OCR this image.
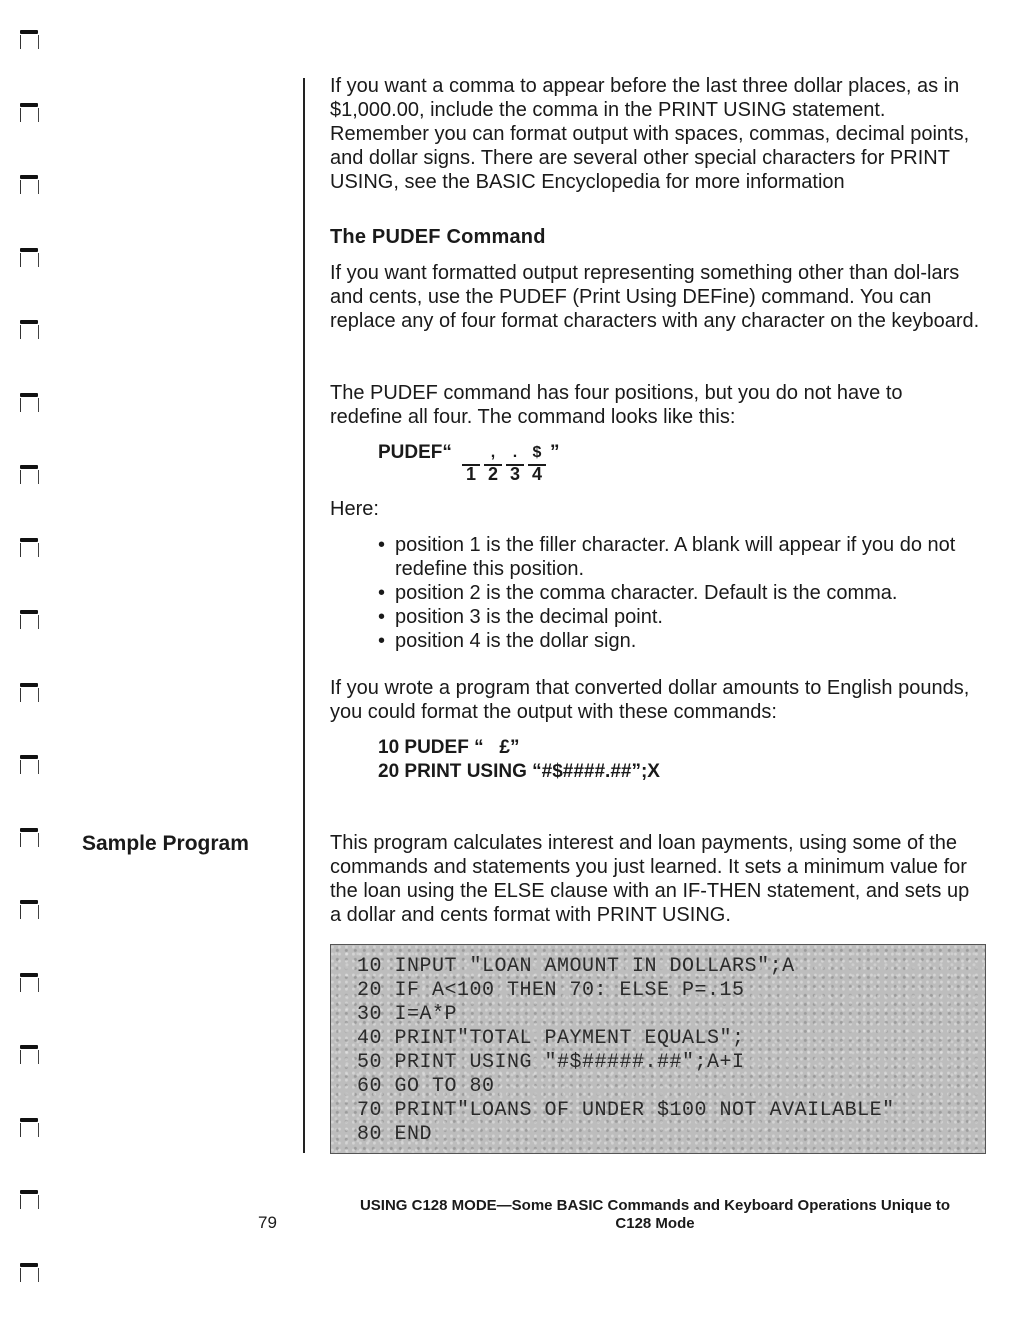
If you want a comma to appear before the last three dollar places, as in $1,000.00, include the comma in the PRINT USING statement. Remember you can format output with spaces, commas, decimal points, and dollar signs. There are several other special characters for PRINT USING, see the BASIC Encyclopedia for more information

The PUDEF Command

If you want formatted output representing something other than dol-lars and cents, use the PUDEF (Print Using DEFine) command. You can replace any of four format characters with any character on the keyboard.

The PUDEF command has four positions, but you do not have to redefine all four. The command looks like this:

PUDEF“	,	. $
1 2 3 4
”

Here:

• position 1 is the filler character. A blank will appear if you do not redefine this position.
• position 2 is the comma character. Default is the comma.
• position 3 is the decimal point.
• position 4 is the dollar sign.

If you wrote a program that converted dollar amounts to English pounds, you could format the output with these commands:

10 PUDEF “   £”
20 PRINT USING “#$####.##”;X
Sample Program	This program calculates interest and loan payments, using some of the commands and statements you just learned. It sets a minimum value for the loan using the ELSE clause with an IF-THEN statement, and sets up a dollar and cents format with PRINT USING.

10 INPUT "LOAN AMOUNT IN DOLLARS";A

20 IF A<100 THEN 70: ELSE P=.15

30 I=A*P

40 PRINT"TOTAL PAYMENT EQUALS";

50 PRINT USING "#$#####.##";A+I

60 GO TO 80

70 PRINT"LOANS OF UNDER $100 NOT AVAILABLE"

80 END

79

USING C128 MODE—Some BASIC Commands and Keyboard Operations Unique to
C128 Mode
